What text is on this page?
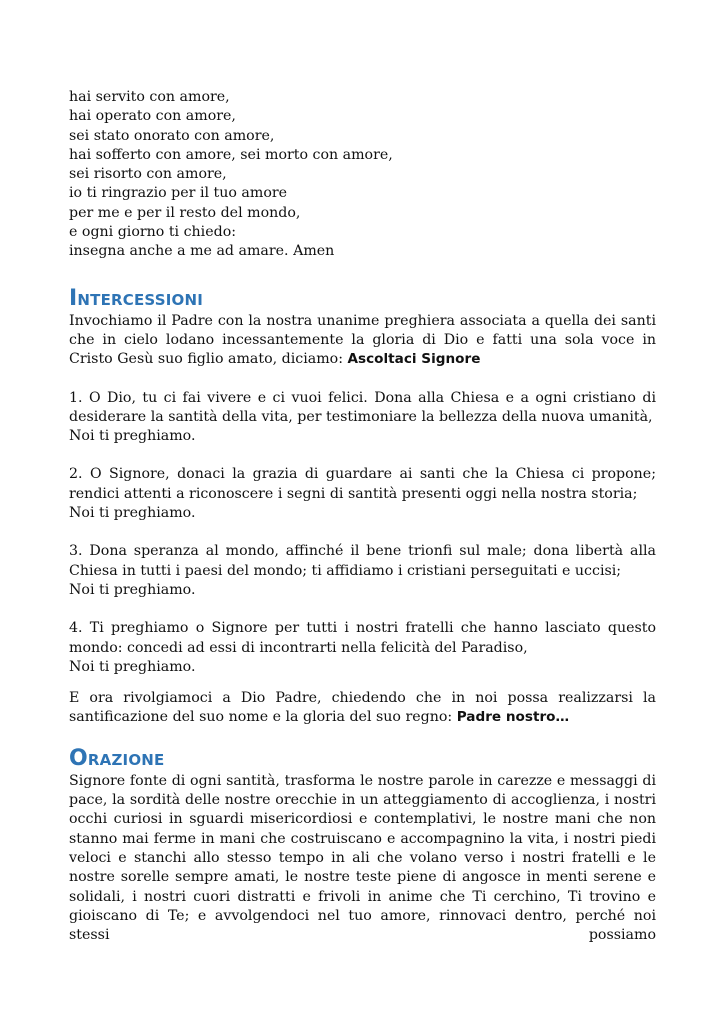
hai servito con amore,
hai operato con amore,
sei stato onorato con amore,
hai sofferto con amore, sei morto con amore,
sei risorto con amore,
io ti ringrazio per il tuo amore
per me e per il resto del mondo,
e ogni giorno ti chiedo:
insegna anche a me ad amare. Amen
Intercessioni

Invochiamo il Padre con la nostra unanime preghiera associata a quella dei santi che in cielo lodano incessantemente la gloria di Dio e fatti una sola voce in Cristo Gesù suo figlio amato, diciamo: Ascoltaci Signore

1. O Dio, tu ci fai vivere e ci vuoi felici. Dona alla Chiesa e a ogni cristiano di desiderare la santità della vita, per testimoniare la bellezza della nuova umanità,

Noi ti preghiamo.

2. O Signore, donaci la grazia di guardare ai santi che la Chiesa ci propone; rendici attenti a riconoscere i segni di santità presenti oggi nella nostra storia;

Noi ti preghiamo.

3. Dona speranza al mondo, affinché il bene trionfi sul male; dona libertà alla Chiesa in tutti i paesi del mondo; ti affidiamo i cristiani perseguitati e uccisi;

Noi ti preghiamo.

4. Ti preghiamo o Signore per tutti i nostri fratelli che hanno lasciato questo mondo: concedi ad essi di incontrarti nella felicità del Paradiso,

Noi ti preghiamo.

E ora rivolgiamoci a Dio Padre, chiedendo che in noi possa realizzarsi la santificazione del suo nome e la gloria del suo regno: Padre nostro…

Orazione

Signore fonte di ogni santità, trasforma le nostre parole in carezze e messaggi di pace, la sordità delle nostre orecchie in un atteggiamento di accoglienza, i nostri occhi curiosi in sguardi misericordiosi e contemplativi, le nostre mani che non stanno mai ferme in mani che costruiscano e accompagnino la vita, i nostri piedi veloci e stanchi allo stesso tempo in ali che volano verso i nostri fratelli e le nostre sorelle sempre amati, le nostre teste piene di angosce in menti serene e solidali, i nostri cuori distratti e frivoli in anime che Ti cerchino, Ti trovino e gioiscano di Te; e avvolgendoci nel tuo amore, rinnovaci dentro, perché noi stessi possiamo
